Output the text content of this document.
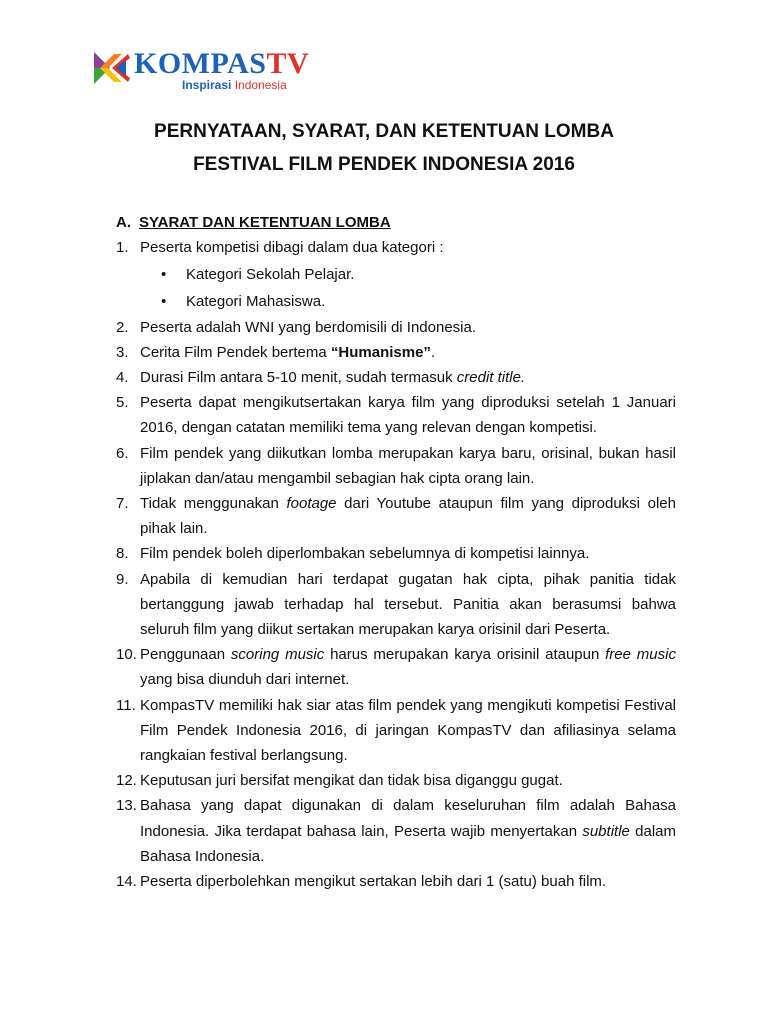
KOMPASTV
Inspirasi Indonesia
PERNYATAAN, SYARAT, DAN KETENTUAN LOMBA
FESTIVAL FILM PENDEK INDONESIA 2016
A. SYARAT DAN KETENTUAN LOMBA
1. Peserta kompetisi dibagi dalam dua kategori :
• Kategori Sekolah Pelajar.
• Kategori Mahasiswa.
2. Peserta adalah WNI yang berdomisili di Indonesia.
3. Cerita Film Pendek bertema “Humanisme”.
4. Durasi Film antara 5-10 menit, sudah termasuk credit title.
5. Peserta dapat mengikutsertakan karya film yang diproduksi setelah 1 Januari 2016, dengan catatan memiliki tema yang relevan dengan kompetisi.
6. Film pendek yang diikutkan lomba merupakan karya baru, orisinal, bukan hasil jiplakan dan/atau mengambil sebagian hak cipta orang lain.
7. Tidak menggunakan footage dari Youtube ataupun film yang diproduksi oleh pihak lain.
8. Film pendek boleh diperlombakan sebelumnya di kompetisi lainnya.
9. Apabila di kemudian hari terdapat gugatan hak cipta, pihak panitia tidak bertanggung jawab terhadap hal tersebut. Panitia akan berasumsi bahwa seluruh film yang diikut sertakan merupakan karya orisinil dari Peserta.
10. Penggunaan scoring music harus merupakan karya orisinil ataupun free music yang bisa diunduh dari internet.
11. KompasTV memiliki hak siar atas film pendek yang mengikuti kompetisi Festival Film Pendek Indonesia 2016, di jaringan KompasTV dan afiliasinya selama rangkaian festival berlangsung.
12. Keputusan juri bersifat mengikat dan tidak bisa diganggu gugat.
13. Bahasa yang dapat digunakan di dalam keseluruhan film adalah Bahasa Indonesia. Jika terdapat bahasa lain, Peserta wajib menyertakan subtitle dalam Bahasa Indonesia.
14. Peserta diperbolehkan mengikut sertakan lebih dari 1 (satu) buah film.
